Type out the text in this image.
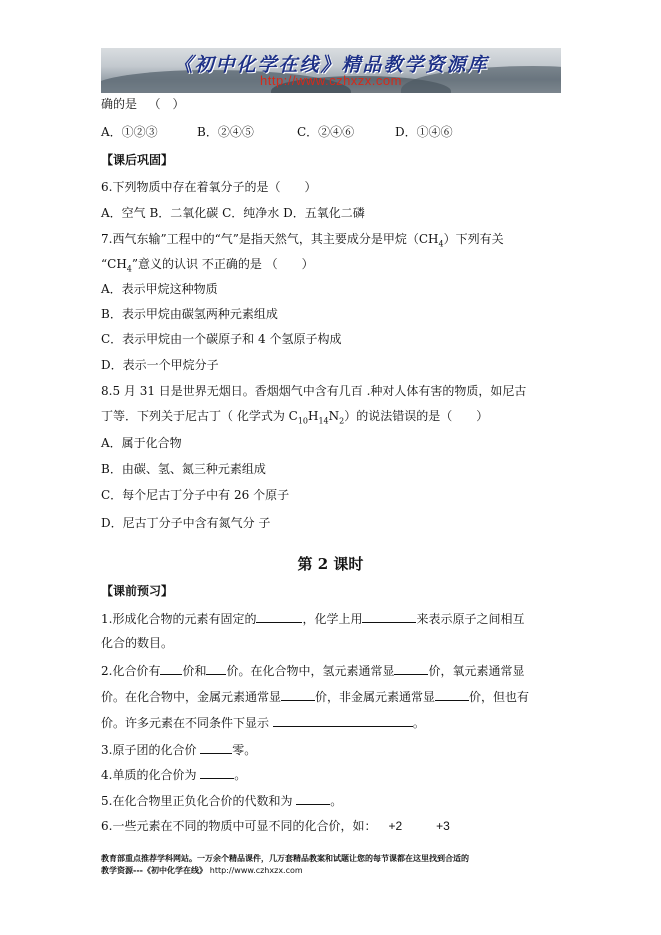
《初中化学在线》精品教学资源库
http://www.czhxzx.com
确的是 （　）
A．①②③	B．②④⑤	C．②④⑥	D．①④⑥
【课后巩固】
6.下列物质中存在着氧分子的是（　　）
A．空气 B．二氧化碳 C．纯净水 D．五氧化二磷
7.西气东输”工程中的“气”是指天然气，其主要成分是甲烷$(CH_4)$下列有关
“$CH_4$”意义的认识 不正确的是 （　　）
A．表示甲烷这种物质
B．表示甲烷由碳氢两种元素组成
C．表示甲烷由一个碳原子和 4 个氢原子构成
D．表示一个甲烷分子
8.5 月 31 日是世界无烟日。香烟烟气中含有几百 .种对人体有害的物质，如尼古
丁等．下列关于尼古丁（ 化学式为 $C_{10}H_{14}N_2$）的说法错误的是（　　）
A．属于化合物
B．由碳、氢、氮三种元素组成
C．每个尼古丁分子中有 26 个原子
D．尼古丁分子中含有氮气分 子
第 2 课时
【课前预习】
1.形成化合物的元素有固定的	，化学上用	来表示原子之间相互
化合的数目。
2.化合价有 价和 价。在化合物中，氢元素通常显	价，氧元素通常显
价。在化合物中，金属元素通常显	价，非金属元素通常显	价，但也有
价。许多元素在不同条件下显示	。
3.原子团的化合价	零。
4.单质的化合价为	。
5.在化合物里正负化合价的代数和为	。
6.一些元素在不同的物质中可显不同的化合价，如： +2	+3
教育部重点推荐学科网站。一万余个精品课件，几万套精品教案和试题让您的每节课都在这里找到合适的
教学资源---《初中化学在线》 http://www.czhxzx.com
